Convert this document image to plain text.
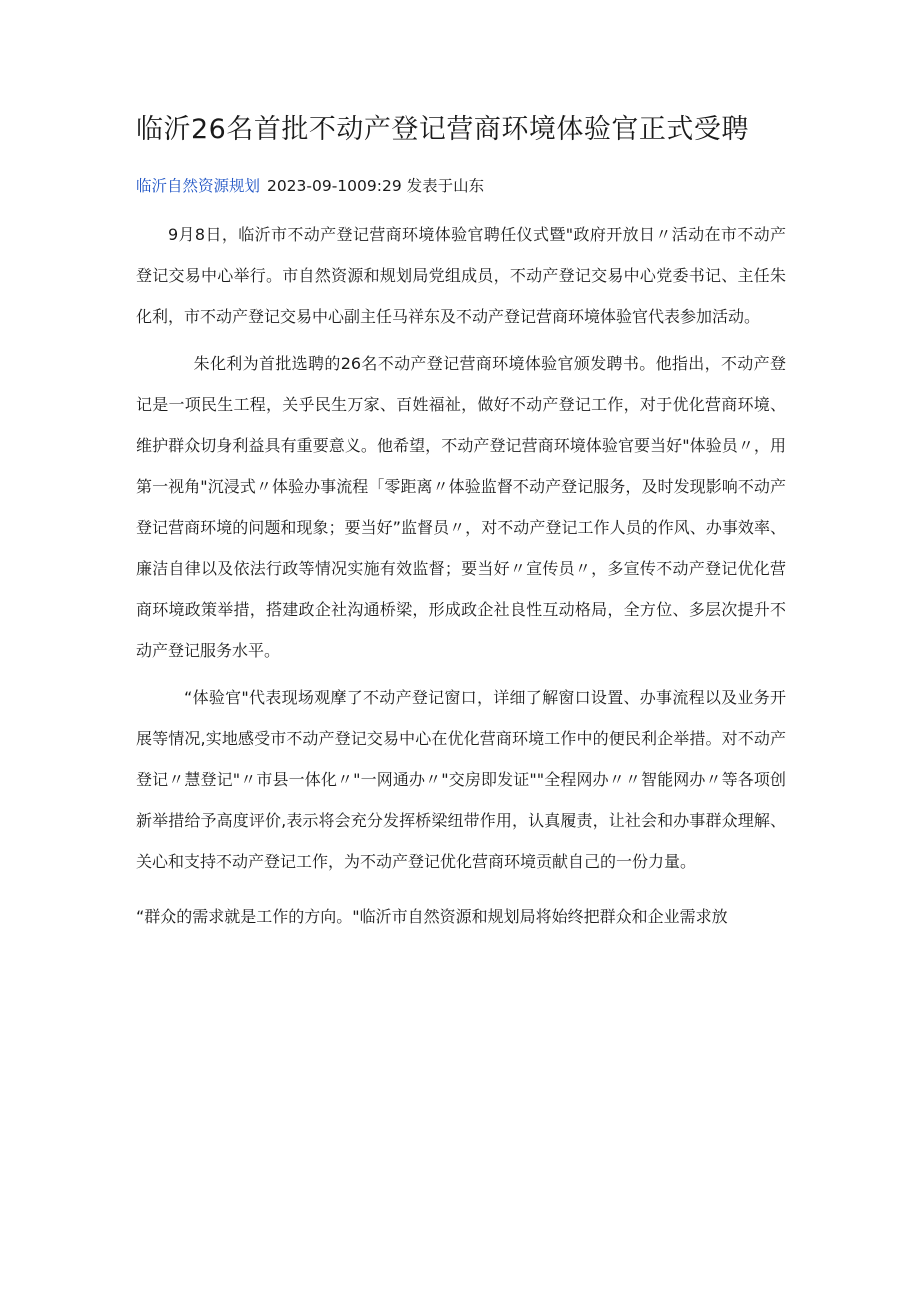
临沂26名首批不动产登记营商环境体验官正式受聘
临沂自然资源规划 2023-09-1009:29 发表于山东

9月8日，临沂市不动产登记营商环境体验官聘任仪式暨"政府开放日〃活动在市不动产登记交易中心举行。市自然资源和规划局党组成员，不动产登记交易中心党委书记、主任朱化利，市不动产登记交易中心副主任马祥东及不动产登记营商环境体验官代表参加活动。

朱化利为首批选聘的26名不动产登记营商环境体验官颁发聘书。他指出，不动产登记是一项民生工程，关乎民生万家、百姓福祉，做好不动产登记工作，对于优化营商环境、维护群众切身利益具有重要意义。他希望，不动产登记营商环境体验官要当好"体验员〃，用第一视角"沉浸式〃体验办事流程「零距离〃体验监督不动产登记服务，及时发现影响不动产登记营商环境的问题和现象；要当好”监督员〃，对不动产登记工作人员的作风、办事效率、廉洁自律以及依法行政等情况实施有效监督；要当好〃宣传员〃，多宣传不动产登记优化营商环境政策举措，搭建政企社沟通桥梁，形成政企社良性互动格局，全方位、多层次提升不动产登记服务水平。

“体验官"代表现场观摩了不动产登记窗口，详细了解窗口设置、办事流程以及业务开展等情况,实地感受市不动产登记交易中心在优化营商环境工作中的便民利企举措。对不动产登记〃慧登记"〃市县一体化〃"一网通办〃"交房即发证""全程网办〃〃智能网办〃等各项创新举措给予高度评价,表示将会充分发挥桥梁纽带作用，认真履责，让社会和办事群众理解、关心和支持不动产登记工作，为不动产登记优化营商环境贡献自己的一份力量。

“群众的需求就是工作的方向。"临沂市自然资源和规划局将始终把群众和企业需求放
